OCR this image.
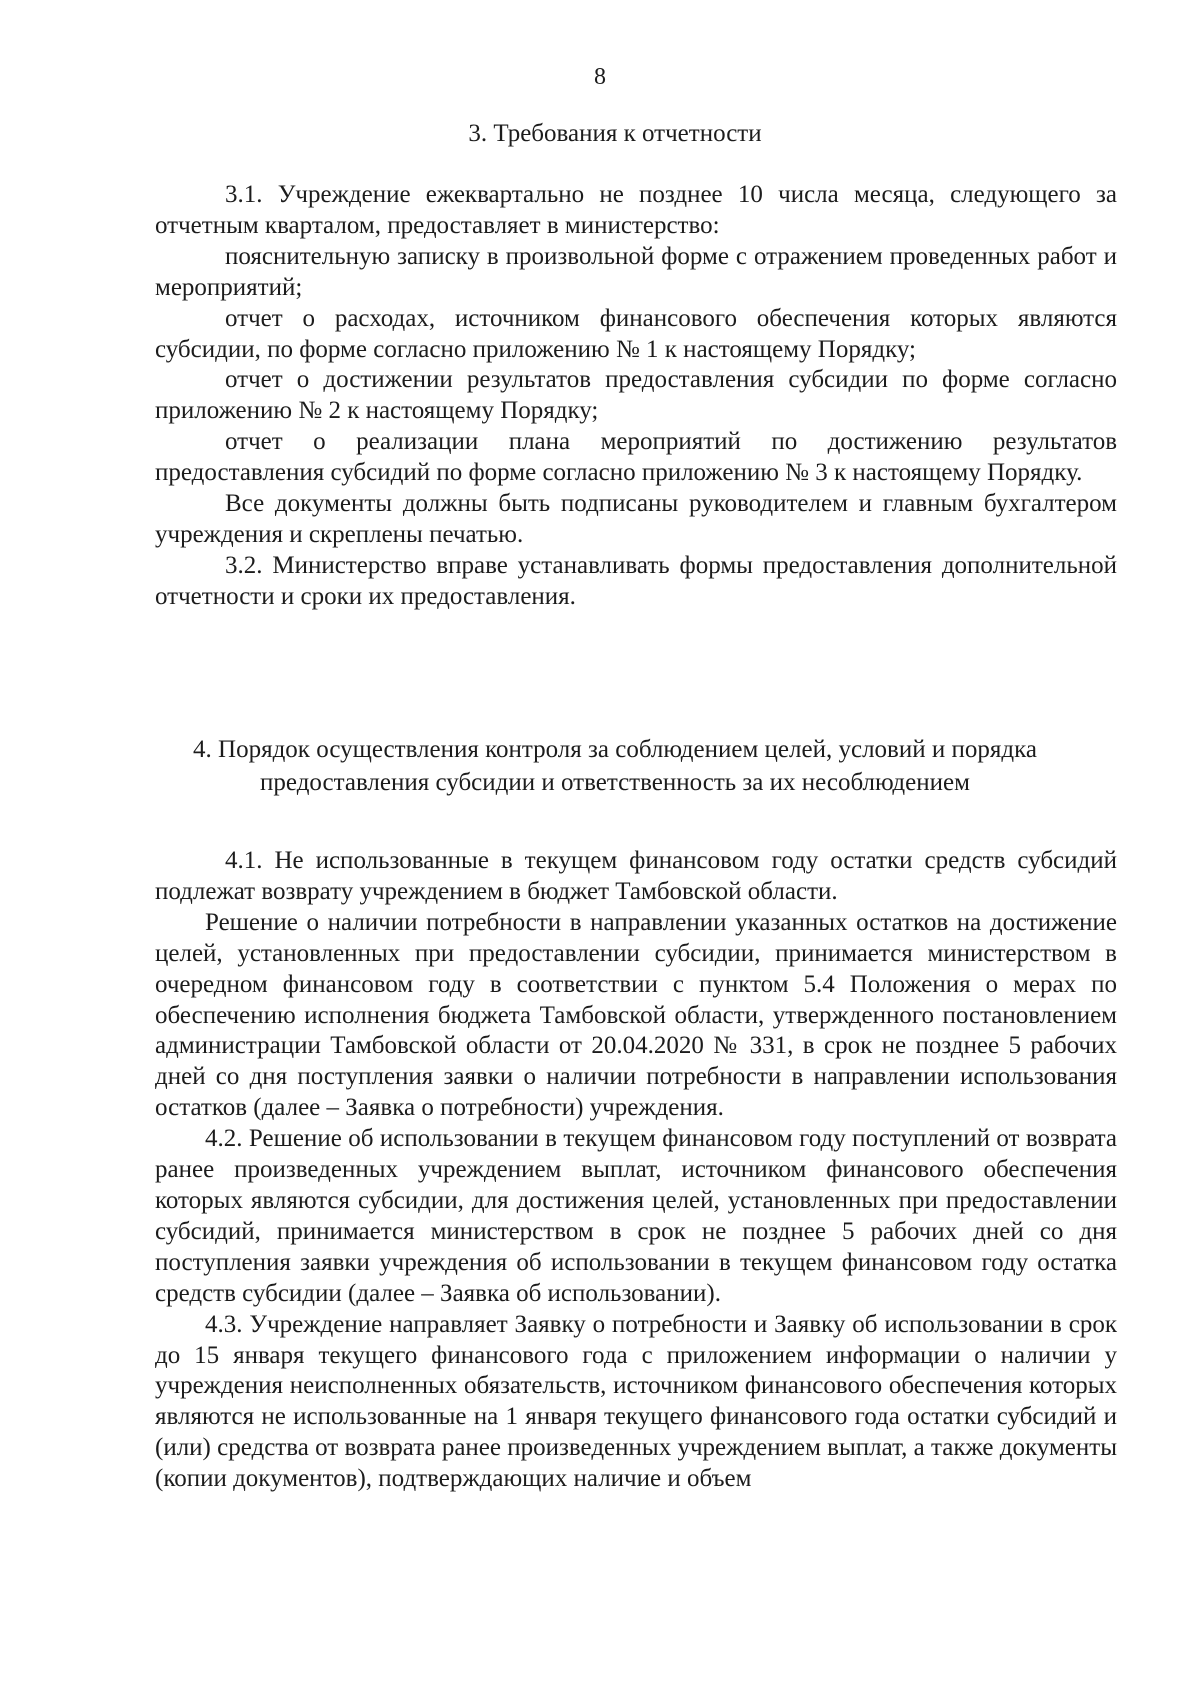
8
3. Требования к отчетности

3.1. Учреждение ежеквартально не позднее 10 числа месяца, следующего за отчетным кварталом, предоставляет в министерство:

пояснительную записку в произвольной форме с отражением проведенных работ и мероприятий;

отчет о расходах, источником финансового обеспечения которых являются субсидии, по форме согласно приложению № 1 к настоящему Порядку;

отчет о достижении результатов предоставления субсидии по форме согласно приложению № 2 к настоящему Порядку;

отчет о реализации плана мероприятий по достижению результатов предоставления субсидий по форме согласно приложению № 3 к настоящему Порядку.

Все документы должны быть подписаны руководителем и главным бухгалтером учреждения и скреплены печатью.

3.2. Министерство вправе устанавливать формы предоставления дополнительной отчетности и сроки их предоставления.

4. Порядок осуществления контроля за соблюдением целей, условий и порядка предоставления субсидии и ответственность за их несоблюдением

4.1. Не использованные в текущем финансовом году остатки средств субсидий подлежат возврату учреждением в бюджет Тамбовской области.

Решение о наличии потребности в направлении указанных остатков на достижение целей, установленных при предоставлении субсидии, принимается министерством в очередном финансовом году в соответствии с пунктом 5.4 Положения о мерах по обеспечению исполнения бюджета Тамбовской области, утвержденного постановлением администрации Тамбовской области от 20.04.2020 № 331, в срок не позднее 5 рабочих дней со дня поступления заявки о наличии потребности в направлении использования остатков (далее – Заявка о потребности) учреждения.

4.2. Решение об использовании в текущем финансовом году поступлений от возврата ранее произведенных учреждением выплат, источником финансового обеспечения которых являются субсидии, для достижения целей, установленных при предоставлении субсидий, принимается министерством в срок не позднее 5 рабочих дней со дня поступления заявки учреждения об использовании в текущем финансовом году остатка средств субсидии (далее – Заявка об использовании).

4.3. Учреждение направляет Заявку о потребности и Заявку об использовании в срок до 15 января текущего финансового года с приложением информации о наличии у учреждения неисполненных обязательств, источником финансового обеспечения которых являются не использованные на 1 января текущего финансового года остатки субсидий и (или) средства от возврата ранее произведенных учреждением выплат, а также документы (копии документов), подтверждающих наличие и объем
